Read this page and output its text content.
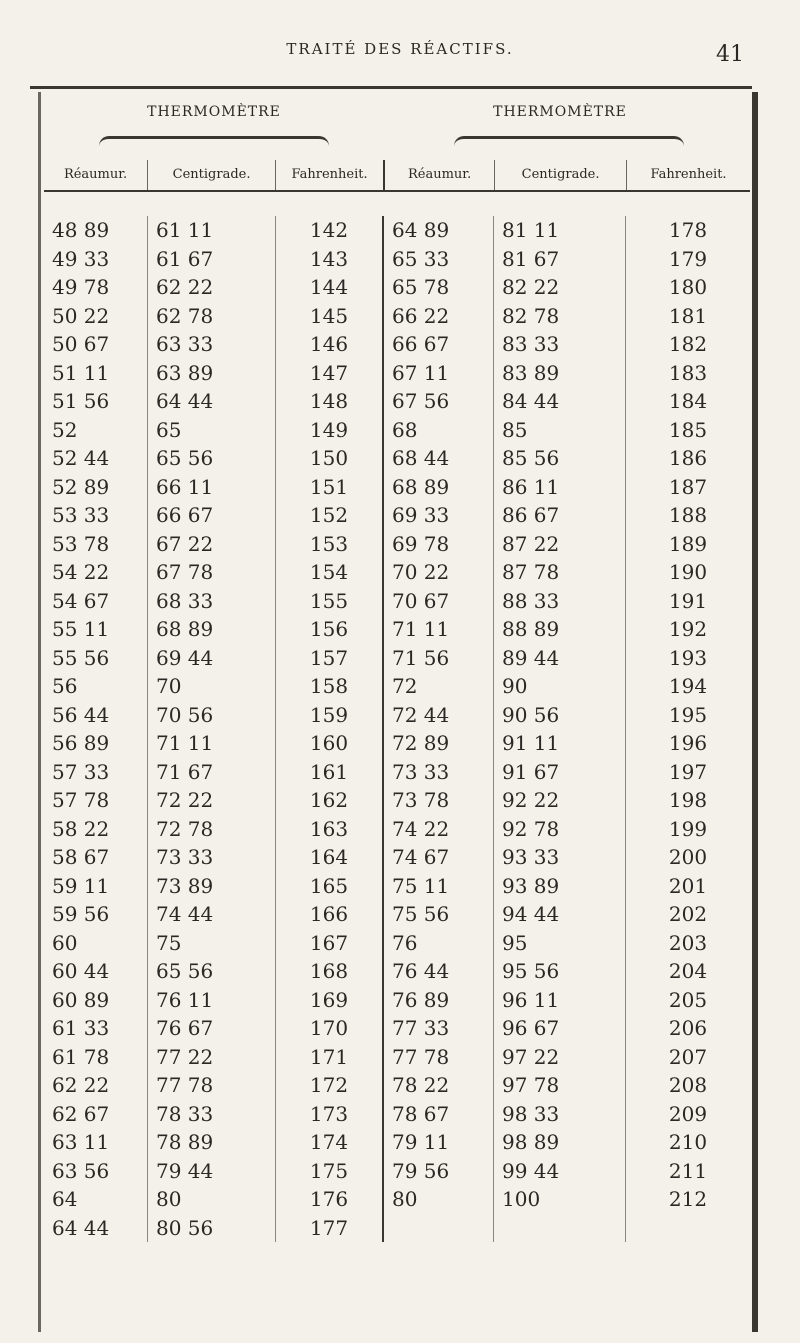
TRAITÉ DES RÉACTIFS.	41
THERMOMÈTRE	THERMOMÈTRE
Réaumur.	Centigrade.	Fahrenheit.	Réaumur.	Centigrade.	Fahrenheit.
48 89	61 11	142	64 89	81 11	178
49 33	61 67	143	65 33	81 67	179
49 78	62 22	144	65 78	82 22	180
50 22	62 78	145	66 22	82 78	181
50 67	63 33	146	66 67	83 33	182
51 11	63 89	147	67 11	83 89	183
51 56	64 44	148	67 56	84 44	184
52	65	149	68	85	185
52 44	65 56	150	68 44	85 56	186
52 89	66 11	151	68 89	86 11	187
53 33	66 67	152	69 33	86 67	188
53 78	67 22	153	69 78	87 22	189
54 22	67 78	154	70 22	87 78	190
54 67	68 33	155	70 67	88 33	191
55 11	68 89	156	71 11	88 89	192
55 56	69 44	157	71 56	89 44	193
56	70	158	72	90	194
56 44	70 56	159	72 44	90 56	195
56 89	71 11	160	72 89	91 11	196
57 33	71 67	161	73 33	91 67	197
57 78	72 22	162	73 78	92 22	198
58 22	72 78	163	74 22	92 78	199
58 67	73 33	164	74 67	93 33	200
59 11	73 89	165	75 11	93 89	201
59 56	74 44	166	75 56	94 44	202
60	75	167	76	95	203
60 44	65 56	168	76 44	95 56	204
60 89	76 11	169	76 89	96 11	205
61 33	76 67	170	77 33	96 67	206
61 78	77 22	171	77 78	97 22	207
62 22	77 78	172	78 22	97 78	208
62 67	78 33	173	78 67	98 33	209
63 11	78 89	174	79 11	98 89	210
63 56	79 44	175	79 56	99 44	211
64	80	176	80	100	212
64 44	80 56	177
